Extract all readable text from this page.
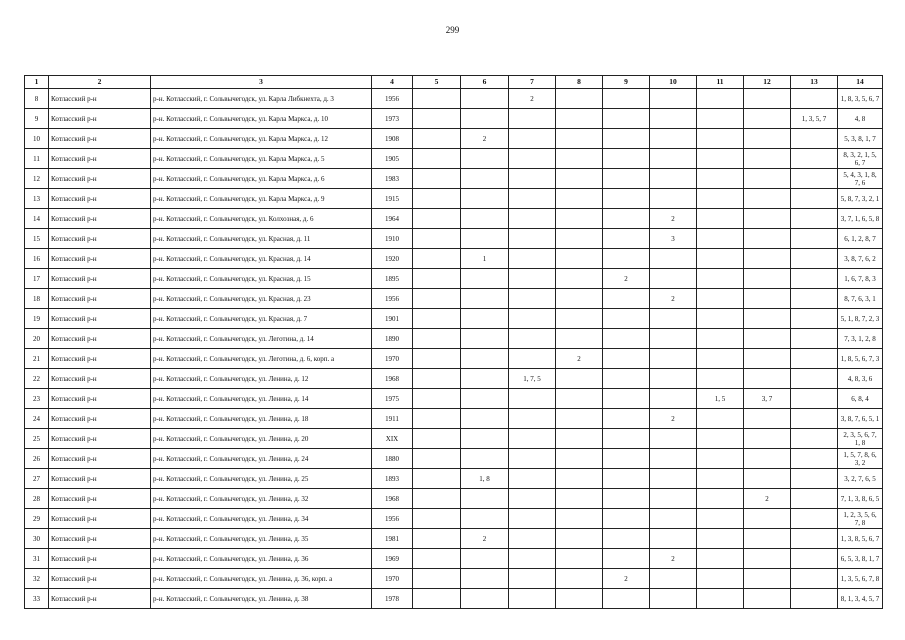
299
1	2	3	4	5	6	7	8	9	10	11	12	13	14
8	Котласский р-н	р-н. Котласский, г. Сольвычегодск, ул. Карла Либкнехта, д. 3	1956			2							1, 8, 3, 5, 6, 7
9	Котласский р-н	р-н. Котласский, г. Сольвычегодск, ул. Карла Маркса, д. 10	1973									1, 3, 5, 7	4, 8
10	Котласский р-н	р-н. Котласский, г. Сольвычегодск, ул. Карла Маркса, д. 12	1908		2								5, 3, 8, 1, 7
11	Котласский р-н	р-н. Котласский, г. Сольвычегодск, ул. Карла Маркса, д. 5	1905										8, 3, 2, 1, 5, 6, 7
12	Котласский р-н	р-н. Котласский, г. Сольвычегодск, ул. Карла Маркса, д. 6	1983										5, 4, 3, 1, 8, 7, 6
13	Котласский р-н	р-н. Котласский, г. Сольвычегодск, ул. Карла Маркса, д. 9	1915										5, 8, 7, 3, 2, 1
14	Котласский р-н	р-н. Котласский, г. Сольвычегодск, ул. Колхозная, д. 6	1964						2				3, 7, 1, 6, 5, 8
15	Котласский р-н	р-н. Котласский, г. Сольвычегодск, ул. Красная, д. 11	1910						3				6, 1, 2, 8, 7
16	Котласский р-н	р-н. Котласский, г. Сольвычегодск, ул. Красная, д. 14	1920		1								3, 8, 7, 6, 2
17	Котласский р-н	р-н. Котласский, г. Сольвычегодск, ул. Красная, д. 15	1895					2					1, 6, 7, 8, 3
18	Котласский р-н	р-н. Котласский, г. Сольвычегодск, ул. Красная, д. 23	1956						2				8, 7, 6, 3, 1
19	Котласский р-н	р-н. Котласский, г. Сольвычегодск, ул. Красная, д. 7	1901										5, 1, 8, 7, 2, 3
20	Котласский р-н	р-н. Котласский, г. Сольвычегодск, ул. Леготина, д. 14	1890										7, 3, 1, 2, 8
21	Котласский р-н	р-н. Котласский, г. Сольвычегодск, ул. Леготина, д. 6, корп. а	1970				2						1, 8, 5, 6, 7, 3
22	Котласский р-н	р-н. Котласский, г. Сольвычегодск, ул. Ленина, д. 12	1968			1, 7, 5							4, 8, 3, 6
23	Котласский р-н	р-н. Котласский, г. Сольвычегодск, ул. Ленина, д. 14	1975							1, 5	3, 7		6, 8, 4
24	Котласский р-н	р-н. Котласский, г. Сольвычегодск, ул. Ленина, д. 18	1911						2				3, 8, 7, 6, 5, 1
25	Котласский р-н	р-н. Котласский, г. Сольвычегодск, ул. Ленина, д. 20	XIX										2, 3, 5, 6, 7, 1, 8
26	Котласский р-н	р-н. Котласский, г. Сольвычегодск, ул. Ленина, д. 24	1880										1, 5, 7, 8, 6, 3, 2
27	Котласский р-н	р-н. Котласский, г. Сольвычегодск, ул. Ленина, д. 25	1893		1, 8								3, 2, 7, 6, 5
28	Котласский р-н	р-н. Котласский, г. Сольвычегодск, ул. Ленина, д. 32	1968								2		7, 1, 3, 8, 6, 5
29	Котласский р-н	р-н. Котласский, г. Сольвычегодск, ул. Ленина, д. 34	1956										1, 2, 3, 5, 6, 7, 8
30	Котласский р-н	р-н. Котласский, г. Сольвычегодск, ул. Ленина, д. 35	1981		2								1, 3, 8, 5, 6, 7
31	Котласский р-н	р-н. Котласский, г. Сольвычегодск, ул. Ленина, д. 36	1969						2				6, 5, 3, 8, 1, 7
32	Котласский р-н	р-н. Котласский, г. Сольвычегодск, ул. Ленина, д. 36, корп. а	1970					2					1, 3, 5, 6, 7, 8
33	Котласский р-н	р-н. Котласский, г. Сольвычегодск, ул. Ленина, д. 38	1978										8, 1, 3, 4, 5, 7
